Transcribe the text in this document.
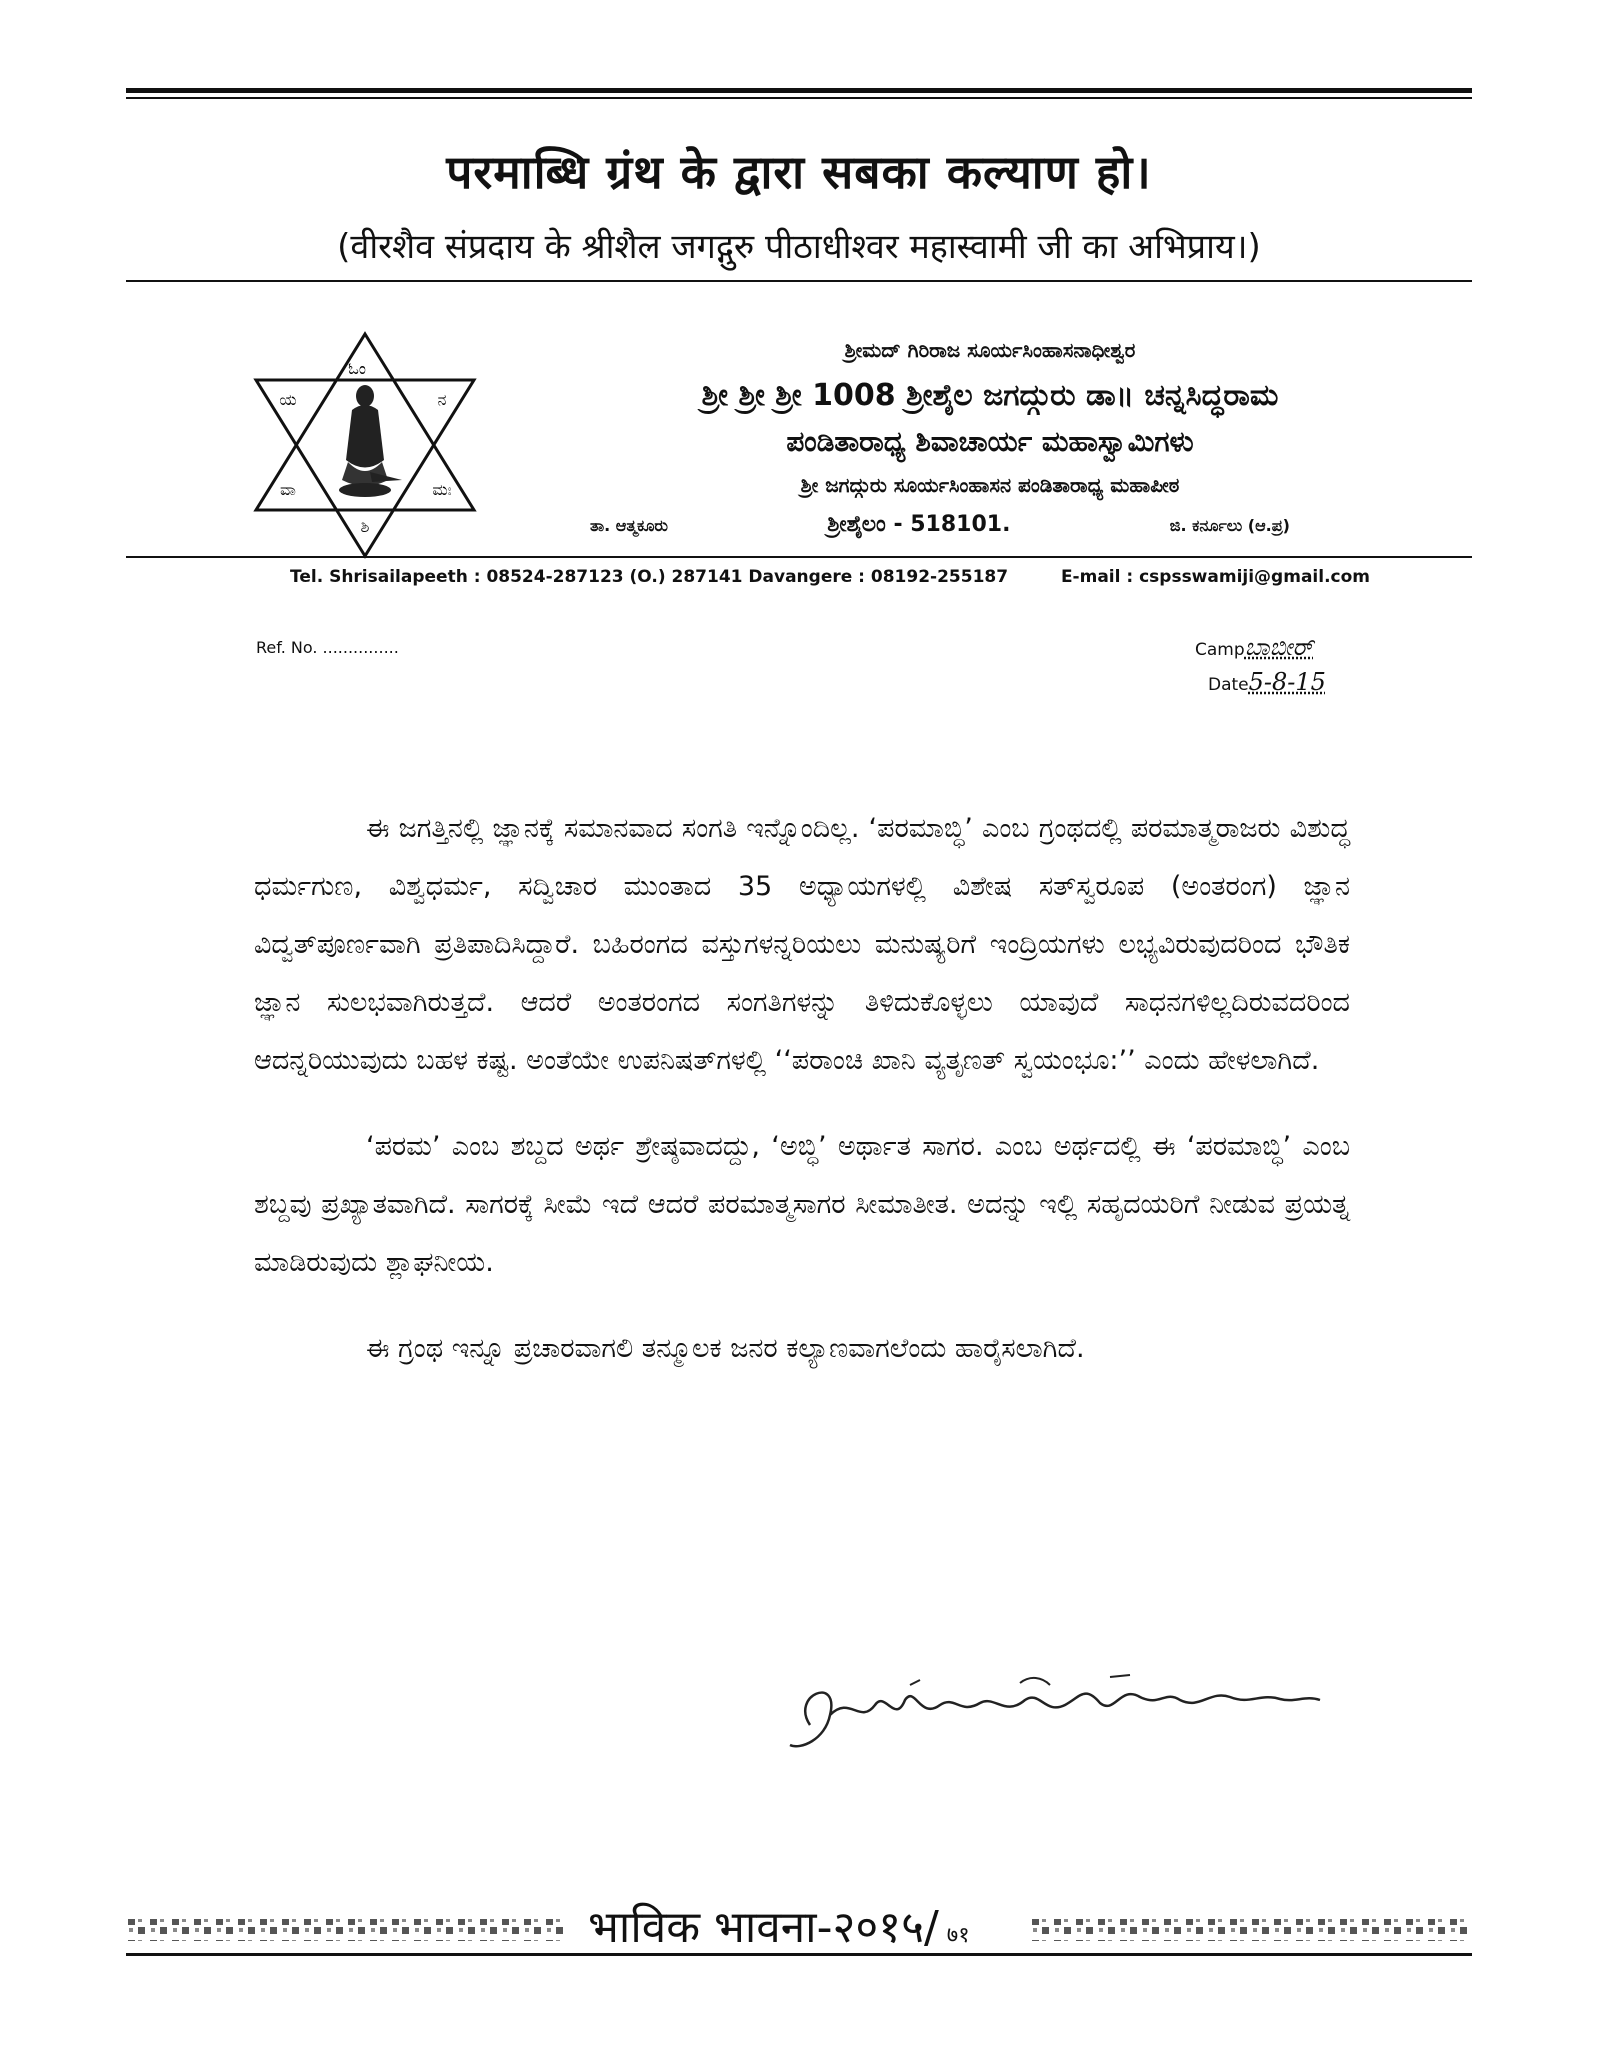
परमाब्धि ग्रंथ के द्वारा सबका कल्याण हो।
(वीरशैव संप्रदाय के श्रीशैल जगद्गुरु पीठाधीश्वर महास्वामी जी का अभिप्राय।)
ಓಂ
ಯ	ನ
ವಾ	ಮಃ
ಶಿ
ಶ್ರೀಮದ್ ಗಿರಿರಾಜ ಸೂರ್ಯಸಿಂಹಾಸನಾಧೀಶ್ವರ
ಶ್ರೀ ಶ್ರೀ ಶ್ರೀ 1008 ಶ್ರೀಶೈಲ ಜಗದ್ಗುರು ಡಾ॥ ಚನ್ನಸಿದ್ಧರಾಮ
ಪಂಡಿತಾರಾಧ್ಯ ಶಿವಾಚಾರ್ಯ ಮಹಾಸ್ವಾಮಿಗಳು
ಶ್ರೀ ಜಗದ್ಗುರು ಸೂರ್ಯಸಿಂಹಾಸನ ಪಂಡಿತಾರಾಧ್ಯ ಮಹಾಪೀಠ
ತಾ. ಆತ್ಮಕೂರು	ಶ್ರೀಶೈಲಂ - 518101.	ಜಿ. ಕರ್ನೂಲು (ಆ.ಪ್ರ)
Tel. Shrisailapeeth : 08524-287123 (O.) 287141 Davangere : 08192-255187	E-mail : cspsswamiji@gmail.com
Ref. No. ...............	Campಬಾಬೀರ್
Date5-8-15

ಈ ಜಗತ್ತಿನಲ್ಲಿ ಜ್ಞಾನಕ್ಕೆ ಸಮಾನವಾದ ಸಂಗತಿ ಇನ್ನೊಂದಿಲ್ಲ. ‘ಪರಮಾಬ್ಧಿ’ ಎಂಬ ಗ್ರಂಥದಲ್ಲಿ ಪರಮಾತ್ಮರಾಜರು ವಿಶುದ್ಧ ಧರ್ಮಗುಣ, ವಿಶ್ವಧರ್ಮ, ಸದ್ವಿಚಾರ ಮುಂತಾದ 35 ಅಧ್ಯಾಯಗಳಲ್ಲಿ ವಿಶೇಷ ಸತ್‌ಸ್ವರೂಪ (ಅಂತರಂಗ) ಜ್ಞಾನ ವಿದ್ವತ್‌ಪೂರ್ಣವಾಗಿ ಪ್ರತಿಪಾದಿಸಿದ್ದಾರೆ. ಬಹಿರಂಗದ ವಸ್ತುಗಳನ್ನರಿಯಲು ಮನುಷ್ಯರಿಗೆ ಇಂದ್ರಿಯಗಳು ಲಭ್ಯವಿರುವುದರಿಂದ ಭೌತಿಕ ಜ್ಞಾನ ಸುಲಭವಾಗಿರುತ್ತದೆ. ಆದರೆ ಅಂತರಂಗದ ಸಂಗತಿಗಳನ್ನು ತಿಳಿದುಕೊಳ್ಳಲು ಯಾವುದೆ ಸಾಧನಗಳಿಲ್ಲದಿರುವದರಿಂದ ಆದನ್ನರಿಯುವುದು ಬಹಳ ಕಷ್ಟ. ಅಂತೆಯೇ ಉಪನಿಷತ್‌ಗಳಲ್ಲಿ ‘‘ಪರಾಂಚಿ ಖಾನಿ ವ್ಯತೃಣತ್ ಸ್ವಯಂಭೂ:’’ ಎಂದು ಹೇಳಲಾಗಿದೆ.

‘ಪರಮ’ ಎಂಬ ಶಬ್ದದ ಅರ್ಥ ಶ್ರೇಷ್ಠವಾದದ್ದು, ‘ಅಬ್ಧಿ’ ಅರ್ಥಾತ ಸಾಗರ. ಎಂಬ ಅರ್ಥದಲ್ಲಿ ಈ ‘ಪರಮಾಬ್ಧಿ’ ಎಂಬ ಶಬ್ದವು ಪ್ರಖ್ಯಾತವಾಗಿದೆ. ಸಾಗರಕ್ಕೆ ಸೀಮೆ ಇದೆ ಆದರೆ ಪರಮಾತ್ಮಸಾಗರ ಸೀಮಾತೀತ. ಅದನ್ನು ಇಲ್ಲಿ ಸಹೃದಯರಿಗೆ ನೀಡುವ ಪ್ರಯತ್ನ ಮಾಡಿರುವುದು ಶ್ಲಾಘನೀಯ.

ಈ ಗ್ರಂಥ ಇನ್ನೂ ಪ್ರಚಾರವಾಗಲಿ ತನ್ಮೂಲಕ ಜನರ ಕಲ್ಯಾಣವಾಗಲೆಂದು ಹಾರೈಸಲಾಗಿದೆ.

भाविक भावना-२०१५/ ७१
